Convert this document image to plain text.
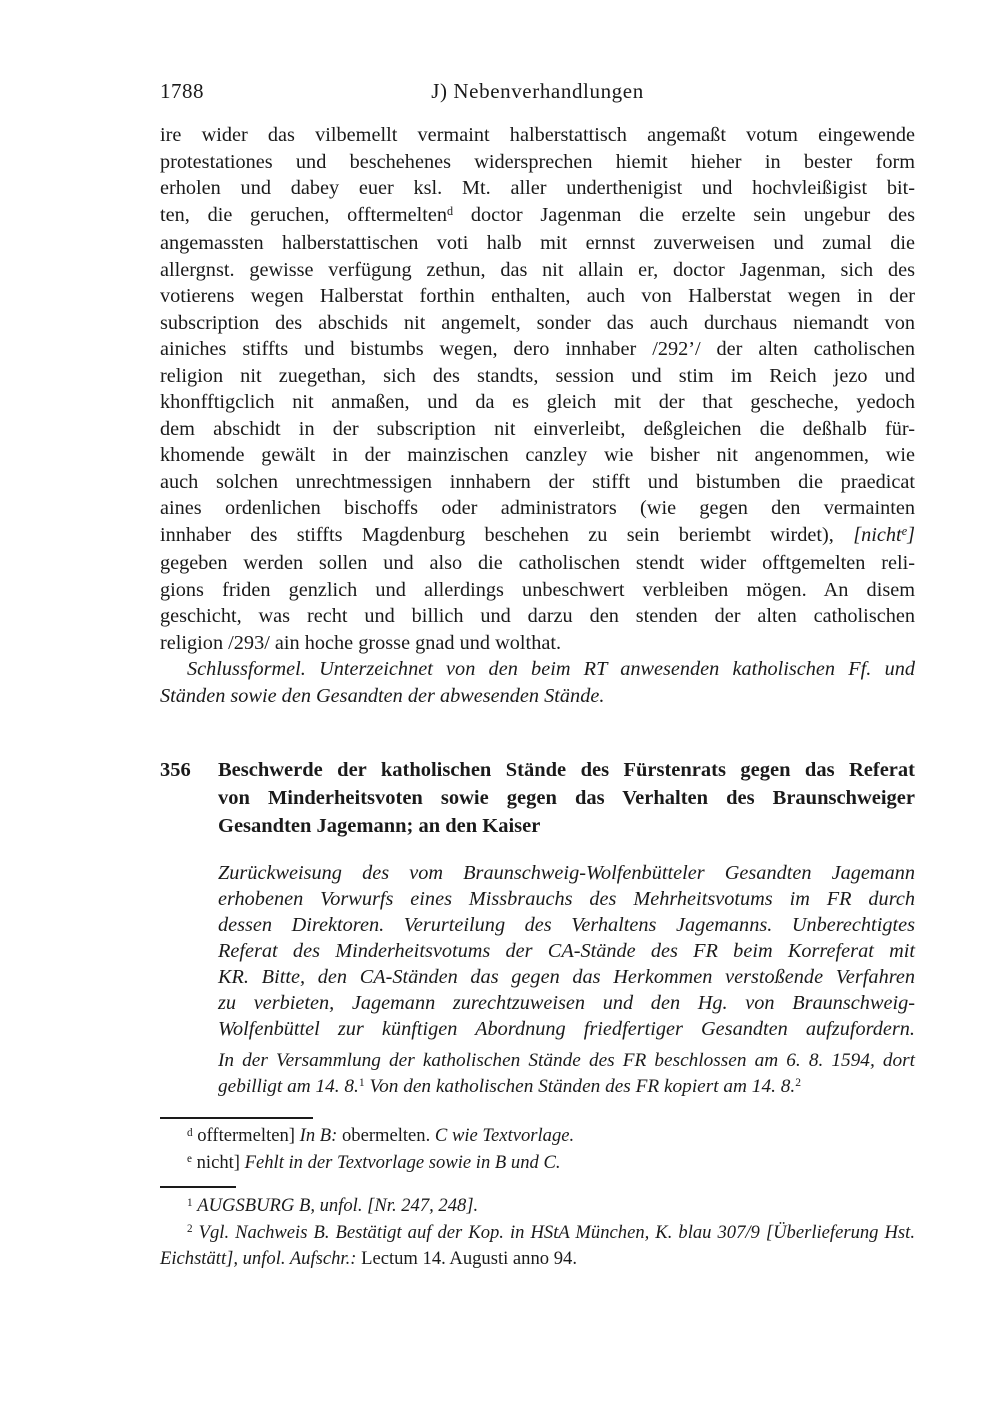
1788	J) Nebenverhandlungen
ire wider das vilbemellt vermaint halberstattisch angemaßt votum eingewende
protestationes und beschehenes widersprechen hiemit hieher in bester form
erholen und dabey euer ksl. Mt. aller underthenigist und hochvleißigist bit-
ten, die geruchen, offtermelten$^d$ doctor Jagenman die erzelte sein ungebur des
angemassten halberstattischen voti halb mit ernnst zuverweisen und zumal die
allergnst. gewisse verfügung zethun, das nit allain er, doctor Jagenman, sich des
votierens wegen Halberstat forthin enthalten, auch von Halberstat wegen in der
subscription des abschids nit angemelt, sonder das auch durchaus niemandt von
ainiches stiffts und bistumbs wegen, dero innhaber /292’/ der alten catholischen
religion nit zuegethan, sich des standts, session und stim im Reich jezo und
khonfftigclich nit anmaßen, und da es gleich mit der that gescheche, yedoch
dem abschidt in der subscription nit einverleibt, deßgleichen die deßhalb für-
khomende gewält in der mainzischen canzley wie bisher nit angenommen, wie
auch solchen unrechtmessigen innhabern der stifft und bistumben die praedicat
aines ordenlichen bischoffs oder administrators (wie gegen den vermainten
innhaber des stiffts Magdenburg beschehen zu sein beriembt wirdet), [nicht$^e$]
gegeben werden sollen und also die catholischen stendt wider offtgemelten reli-
gions friden genzlich und allerdings unbeschwert verbleiben mögen. An disem
geschicht, was recht und billich und darzu den stenden der alten catholischen
religion /293/ ain hoche grosse gnad und wolthat.
Schlussformel. Unterzeichnet von den beim RT anwesenden katholischen Ff. und
Ständen sowie den Gesandten der abwesenden Stände.
356	Beschwerde der katholischen Stände des Fürstenrats gegen das Referat
von Minderheitsvoten sowie gegen das Verhalten des Braunschweiger
Gesandten Jagemann; an den Kaiser
Zurückweisung des vom Braunschweig-Wolfenbütteler Gesandten Jagemann
erhobenen Vorwurfs eines Missbrauchs des Mehrheitsvotums im FR durch
dessen Direktoren. Verurteilung des Verhaltens Jagemanns. Unberechtigtes
Referat des Minderheitsvotums der CA-Stände des FR beim Korreferat mit
KR. Bitte, den CA-Ständen das gegen das Herkommen verstoßende Verfahren
zu verbieten, Jagemann zurechtzuweisen und den Hg. von Braunschweig-
Wolfenbüttel zur künftigen Abordnung friedfertiger Gesandten aufzufordern.
In der Versammlung der katholischen Stände des FR beschlossen am 6. 8. 1594, dort
gebilligt am 14. 8.$^1$ Von den katholischen Ständen des FR kopiert am 14. 8.$^2$
$^d$ offtermelten] In B: obermelten. C wie Textvorlage.
$^e$ nicht] Fehlt in der Textvorlage sowie in B und C.
$^1$ AUGSBURG B, unfol. [Nr. 247, 248].
$^2$ Vgl. Nachweis B. Bestätigt auf der Kop. in HStA München, K. blau 307/9 [Überlieferung Hst.
Eichstätt], unfol. Aufschr.: Lectum 14. Augusti anno 94.
